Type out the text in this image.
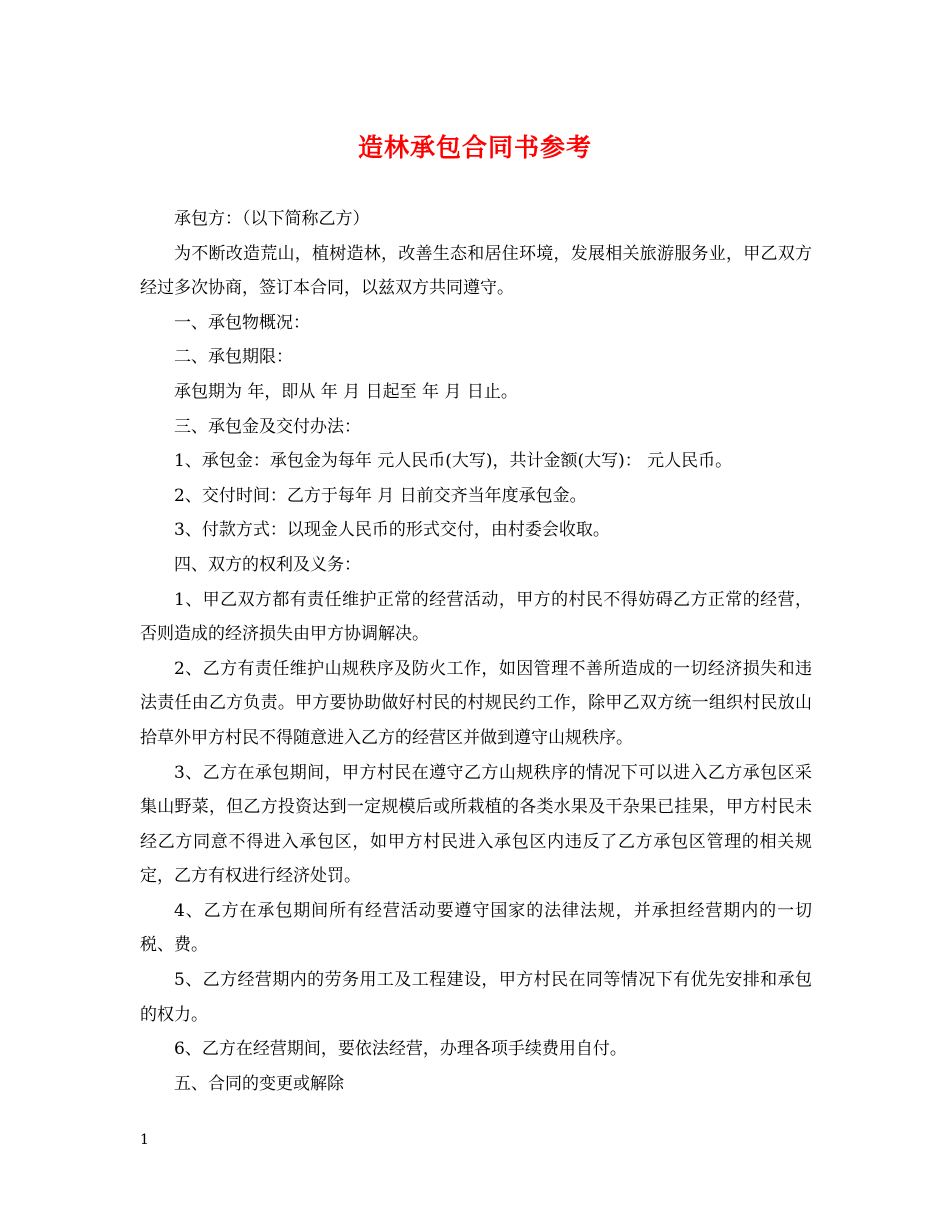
造林承包合同书参考

承包方：（以下简称乙方）

为不断改造荒山，植树造林，改善生态和居住环境，发展相关旅游服务业，甲乙双方经过多次协商，签订本合同，以兹双方共同遵守。

一、承包物概况：

二、承包期限：

承包期为 年，即从 年 月 日起至 年 月 日止。

三、承包金及交付办法：

1、承包金：承包金为每年 元人民币(大写)，共计金额(大写)： 元人民币。

2、交付时间：乙方于每年 月 日前交齐当年度承包金。

3、付款方式：以现金人民币的形式交付，由村委会收取。

四、双方的权利及义务：

1、甲乙双方都有责任维护正常的经营活动，甲方的村民不得妨碍乙方正常的经营，否则造成的经济损失由甲方协调解决。

2、乙方有责任维护山规秩序及防火工作，如因管理不善所造成的一切经济损失和违法责任由乙方负责。甲方要协助做好村民的村规民约工作，除甲乙双方统一组织村民放山拾草外甲方村民不得随意进入乙方的经营区并做到遵守山规秩序。

3、乙方在承包期间，甲方村民在遵守乙方山规秩序的情况下可以进入乙方承包区采集山野菜，但乙方投资达到一定规模后或所栽植的各类水果及干杂果已挂果，甲方村民未经乙方同意不得进入承包区，如甲方村民进入承包区内违反了乙方承包区管理的相关规定，乙方有权进行经济处罚。

4、乙方在承包期间所有经营活动要遵守国家的法律法规，并承担经营期内的一切税、费。

5、乙方经营期内的劳务用工及工程建设，甲方村民在同等情况下有优先安排和承包的权力。

6、乙方在经营期间，要依法经营，办理各项手续费用自付。

五、合同的变更或解除

1
